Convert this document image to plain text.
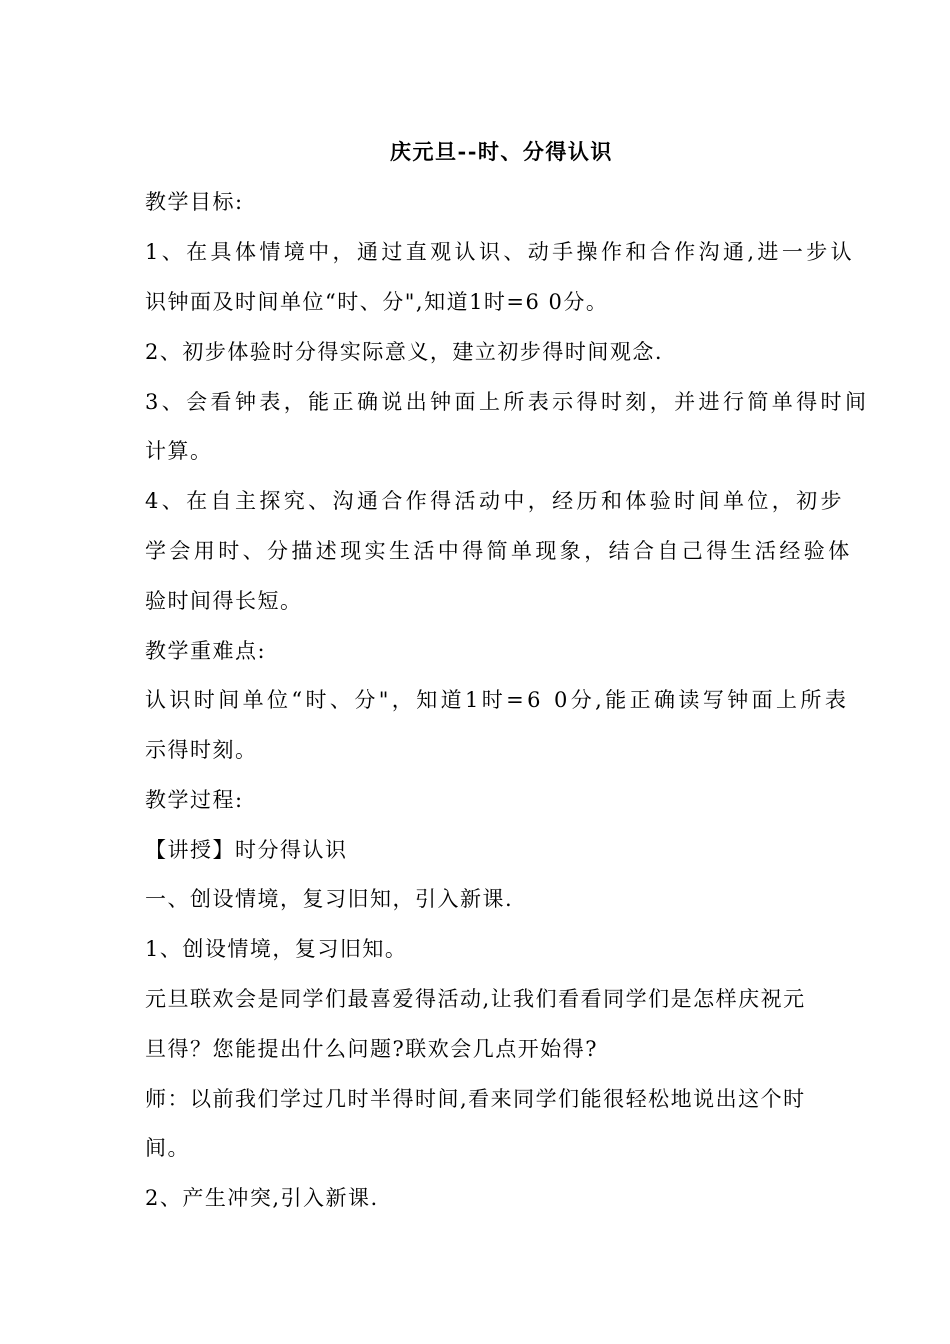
庆元旦--时、分得认识
教学目标:
1、在具体情境中，通过直观认识、动手操作和合作沟通,进一步认
识钟面及时间单位“时、分",知道1时=6 0分。
2、初步体验时分得实际意义，建立初步得时间观念.
3、会看钟表，能正确说出钟面上所表示得时刻，并进行简单得时间
计算。
4、在自主探究、沟通合作得活动中，经历和体验时间单位，初步
学会用时、分描述现实生活中得简单现象，结合自己得生活经验体
验时间得长短。
教学重难点:
认识时间单位“时、分"，知道1时=6 0分,能正确读写钟面上所表
示得时刻。
教学过程:
【讲授】时分得认识
一、创设情境，复习旧知，引入新课.
1、创设情境，复习旧知。
元旦联欢会是同学们最喜爱得活动,让我们看看同学们是怎样庆祝元
旦得？您能提出什么问题?联欢会几点开始得?
师：以前我们学过几时半得时间,看来同学们能很轻松地说出这个时
间。
2、产生冲突,引入新课.
